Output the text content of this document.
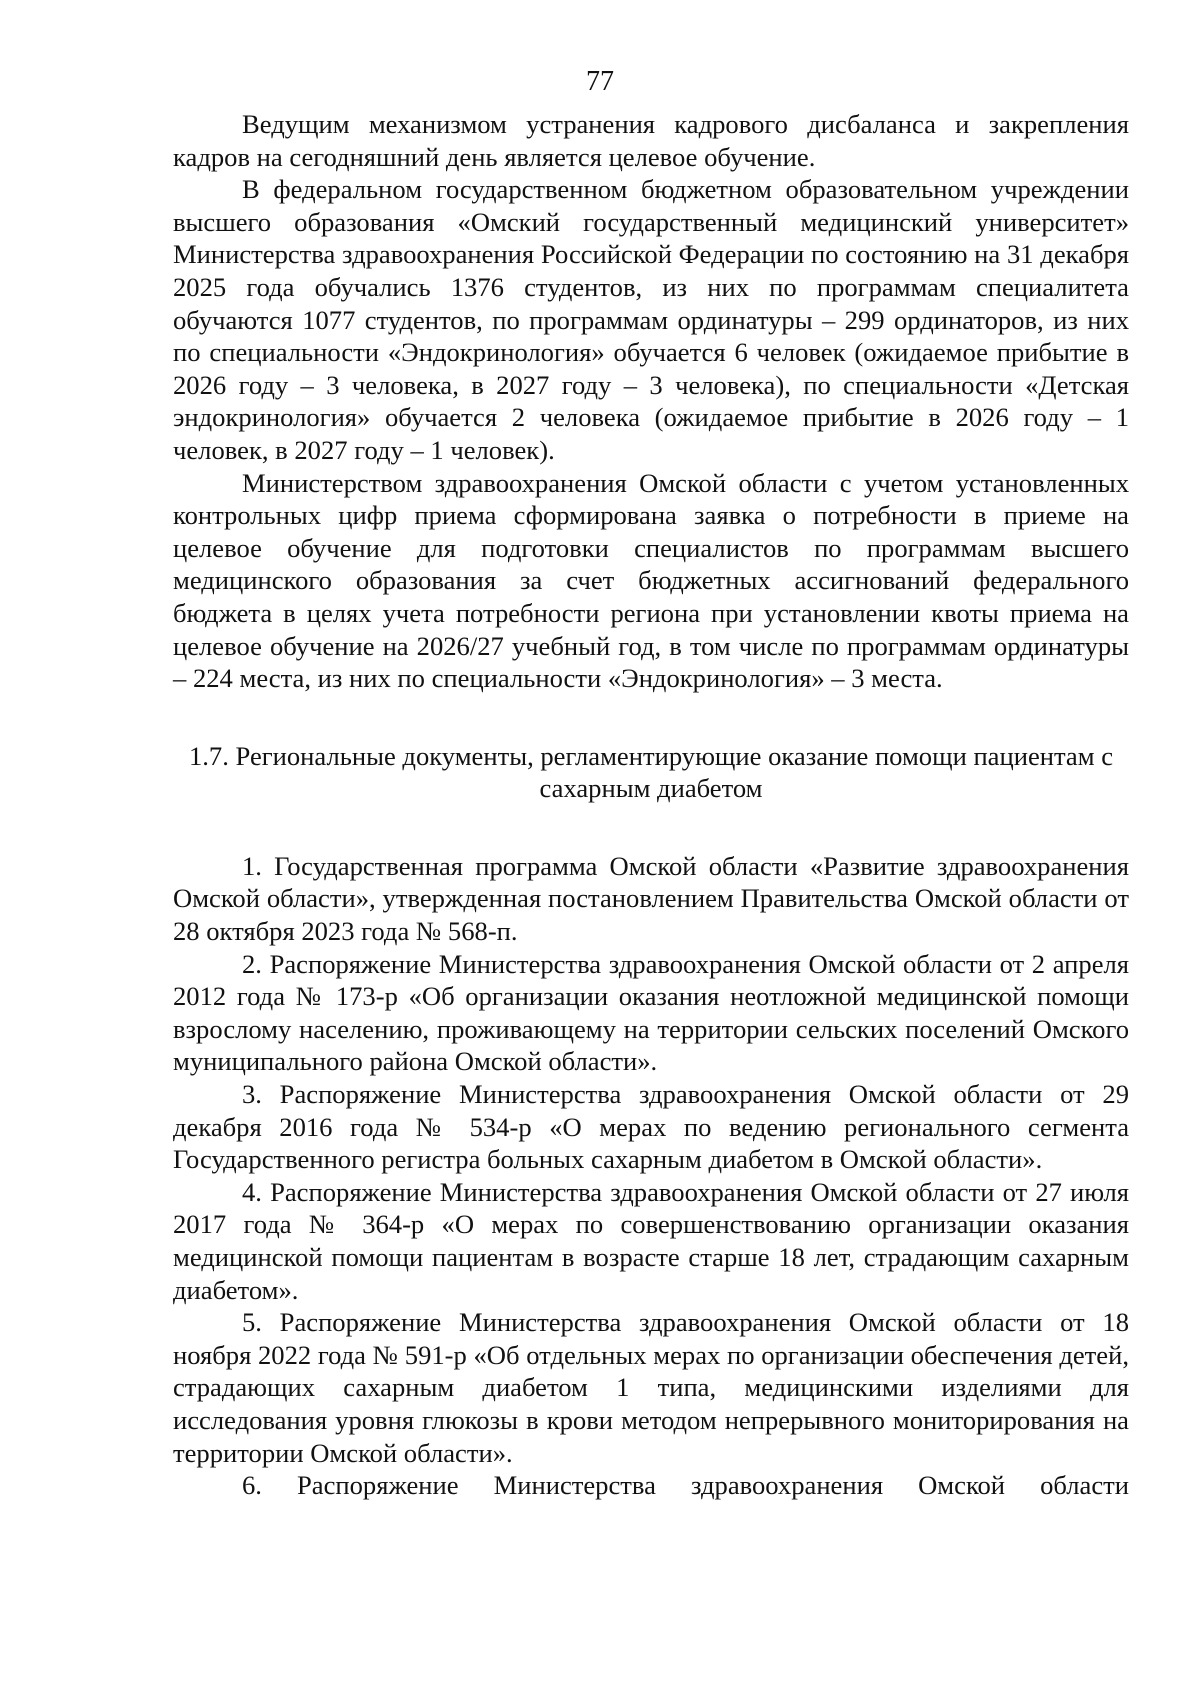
77

Ведущим механизмом устранения кадрового дисбаланса и закрепления кадров на сегодняшний день является целевое обучение.

В федеральном государственном бюджетном образовательном учреждении высшего образования «Омский государственный медицинский университет» Министерства здравоохранения Российской Федерации по состоянию на 31 декабря 2025 года обучались 1376 студентов, из них по программам специалитета обучаются 1077 студентов, по программам ординатуры – 299 ординаторов, из них по специальности «Эндокринология» обучается 6 человек (ожидаемое прибытие в 2026 году – 3 человека, в 2027 году – 3 человека), по специальности «Детская эндокринология» обучается 2 человека (ожидаемое прибытие в 2026 году – 1 человек, в 2027 году – 1 человек).

Министерством здравоохранения Омской области с учетом установленных контрольных цифр приема сформирована заявка о потребности в приеме на целевое обучение для подготовки специалистов по программам высшего медицинского образования за счет бюджетных ассигнований федерального бюджета в целях учета потребности региона при установлении квоты приема на целевое обучение на 2026/27 учебный год, в том числе по программам ординатуры – 224 места, из них по специальности «Эндокринология» – 3 места.

1.7. Региональные документы, регламентирующие оказание помощи пациентам с сахарным диабетом

1. Государственная программа Омской области «Развитие здравоохранения Омской области», утвержденная постановлением Правительства Омской области от 28 октября 2023 года № 568-п.

2. Распоряжение Министерства здравоохранения Омской области от 2 апреля 2012 года № 173-р «Об организации оказания неотложной медицинской помощи взрослому населению, проживающему на территории сельских поселений Омского муниципального района Омской области».

3. Распоряжение Министерства здравоохранения Омской области от 29 декабря 2016 года № 534-р «О мерах по ведению регионального сегмента Государственного регистра больных сахарным диабетом в Омской области».

4. Распоряжение Министерства здравоохранения Омской области от 27 июля 2017 года № 364-р «О мерах по совершенствованию организации оказания медицинской помощи пациентам в возрасте старше 18 лет, страдающим сахарным диабетом».

5. Распоряжение Министерства здравоохранения Омской области от 18 ноября 2022 года № 591-р «Об отдельных мерах по организации обеспечения детей, страдающих сахарным диабетом 1 типа, медицинскими изделиями для исследования уровня глюкозы в крови методом непрерывного мониторирования на территории Омской области».

6. Распоряжение Министерства здравоохранения Омской области
